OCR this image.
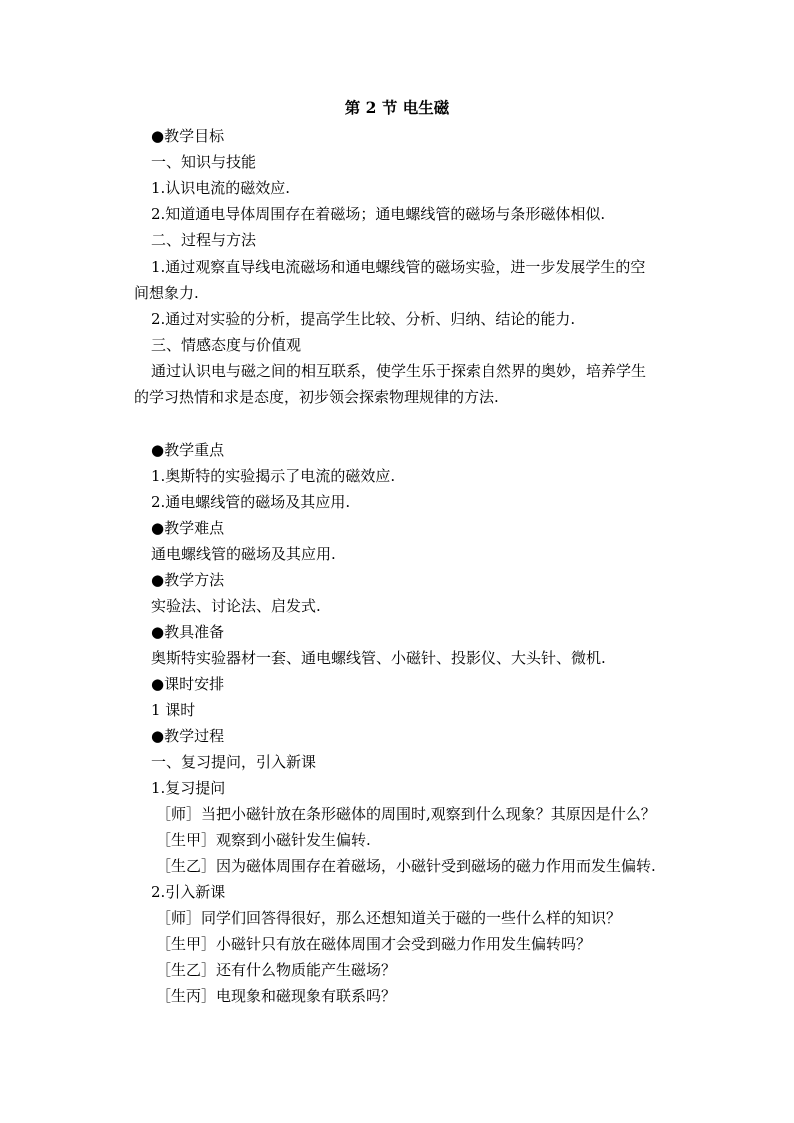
第 2 节 电生磁
●教学目标
一、知识与技能
1.认识电流的磁效应.
2.知道通电导体周围存在着磁场；通电螺线管的磁场与条形磁体相似.
二、过程与方法
1.通过观察直导线电流磁场和通电螺线管的磁场实验，进一步发展学生的空
间想象力.
2.通过对实验的分析，提高学生比较、分析、归纳、结论的能力.
三、情感态度与价值观
通过认识电与磁之间的相互联系，使学生乐于探索自然界的奥妙，培养学生
的学习热情和求是态度，初步领会探索物理规律的方法.
●教学重点
1.奥斯特的实验揭示了电流的磁效应.
2.通电螺线管的磁场及其应用.
●教学难点
通电螺线管的磁场及其应用.
●教学方法
实验法、讨论法、启发式.
●教具准备
奥斯特实验器材一套、通电螺线管、小磁针、投影仪、大头针、微机.
●课时安排
1 课时
●教学过程
一、复习提问，引入新课
1.复习提问
［师］当把小磁针放在条形磁体的周围时,观察到什么现象？其原因是什么？
［生甲］观察到小磁针发生偏转.
［生乙］因为磁体周围存在着磁场，小磁针受到磁场的磁力作用而发生偏转.
2.引入新课
［师］同学们回答得很好，那么还想知道关于磁的一些什么样的知识？
［生甲］小磁针只有放在磁体周围才会受到磁力作用发生偏转吗？
［生乙］还有什么物质能产生磁场？
［生丙］电现象和磁现象有联系吗？
